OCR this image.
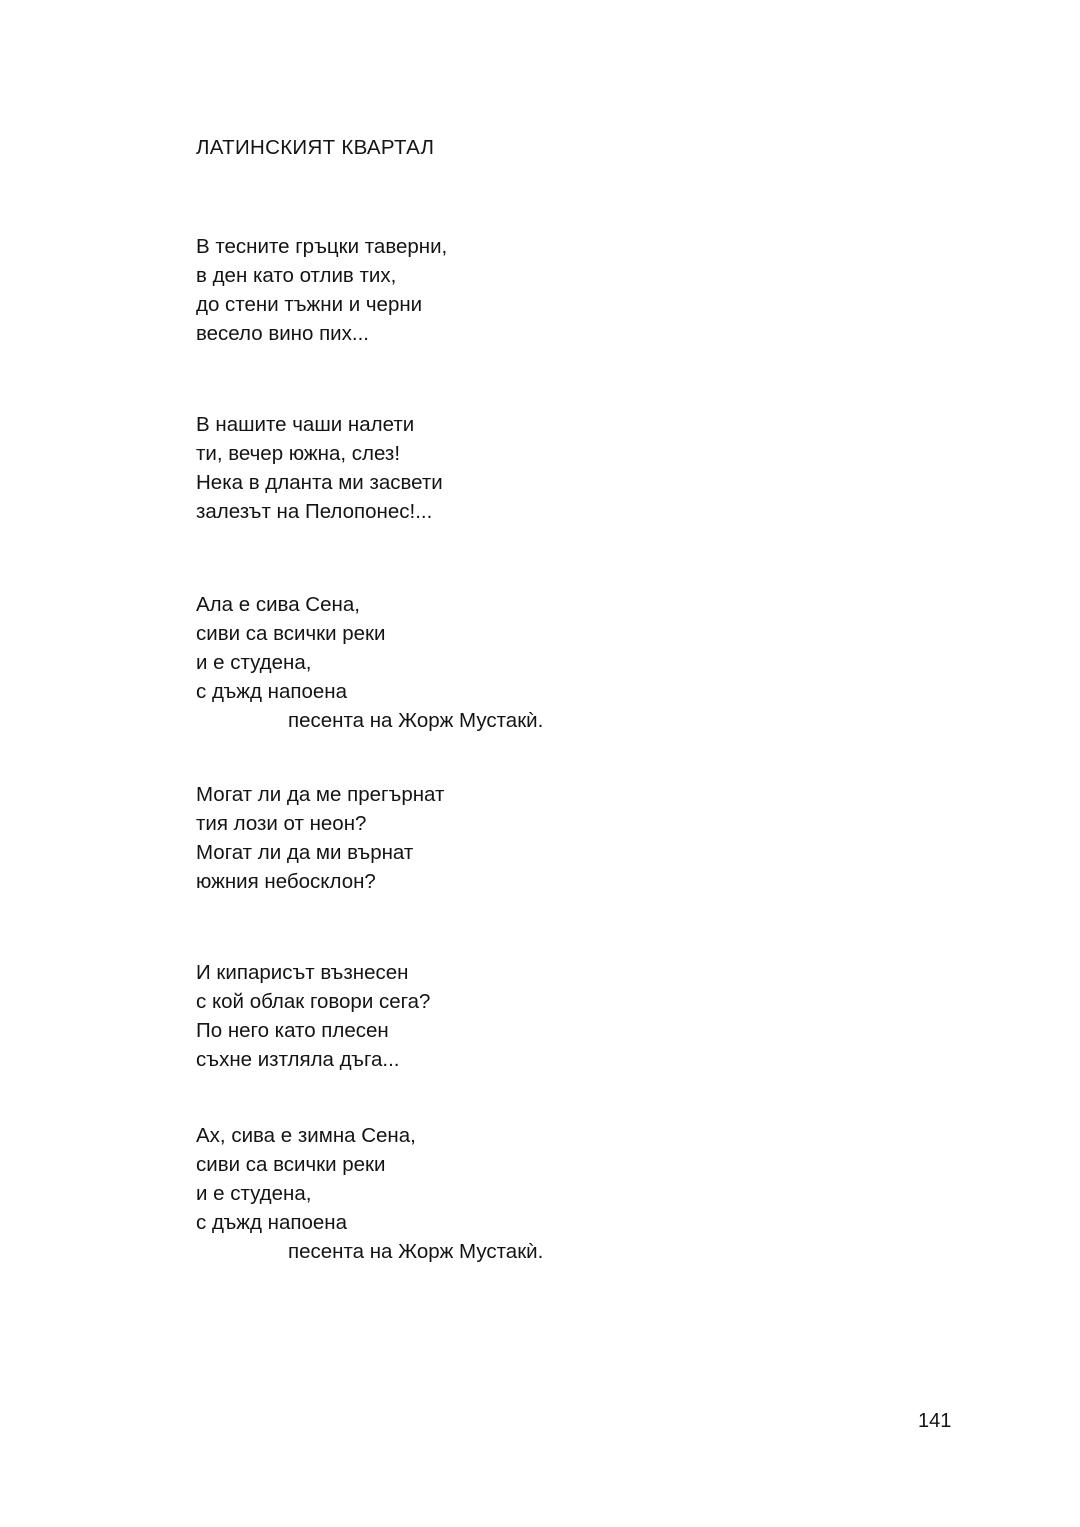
ЛАТИНСКИЯТ КВАРТАЛ
В тесните гръцки таверни,
в ден като отлив тих,
до стени тъжни и черни
весело вино пих...
В нашите чаши налети
ти, вечер южна, слез!
Нека в дланта ми засвети
залезът на Пелопонес!...
Ала е сива Сена,
сиви са всички реки
и е студена,
с дъжд напоена
песента на Жорж Мустакѝ.
Могат ли да ме прегърнат
тия лози от неон?
Могат ли да ми върнат
южния небосклон?
И кипарисът възнесен
с кой облак говори сега?
По него като плесен
съхне изтляла дъга...
Ах, сива е зимна Сена,
сиви са всички реки
и е студена,
с дъжд напоена
песента на Жорж Мустакѝ.
141
